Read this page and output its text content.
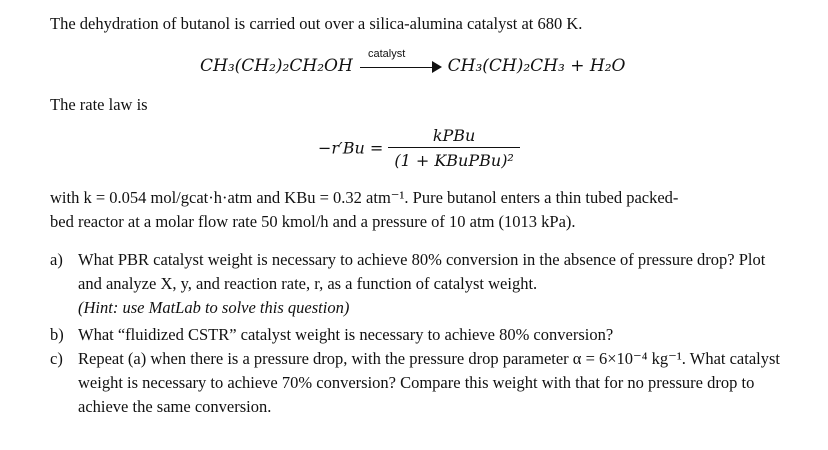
The dehydration of butanol is carried out over a silica-alumina catalyst at 680 K.
CH₃(CH₂)₂CH₂OH	CH₃(CH)₂CH₃ + H₂O
catalyst
The rate law is
$-r'Bu = \frac{\text{kPBu}}{\text{(1 + KBuPBu)²}}$
with k = 0.054 mol/gcat·h·atm and KBu = 0.32 atm⁻¹. Pure butanol enters a thin tubed packed-
bed reactor at a molar flow rate 50 kmol/h and a pressure of 10 atm (1013 kPa).
a) What PBR catalyst weight is necessary to achieve 80% conversion in the absence of pressure drop? Plot and analyze X, y, and reaction rate, r, as a function of catalyst weight.
(Hint: use MatLab to solve this question)
b) What “fluidized CSTR” catalyst weight is necessary to achieve 80% conversion?
c) Repeat (a) when there is a pressure drop, with the pressure drop parameter α = 6×10⁻⁴ kg⁻¹. What catalyst weight is necessary to achieve 70% conversion? Compare this weight with that for no pressure drop to achieve the same conversion.
